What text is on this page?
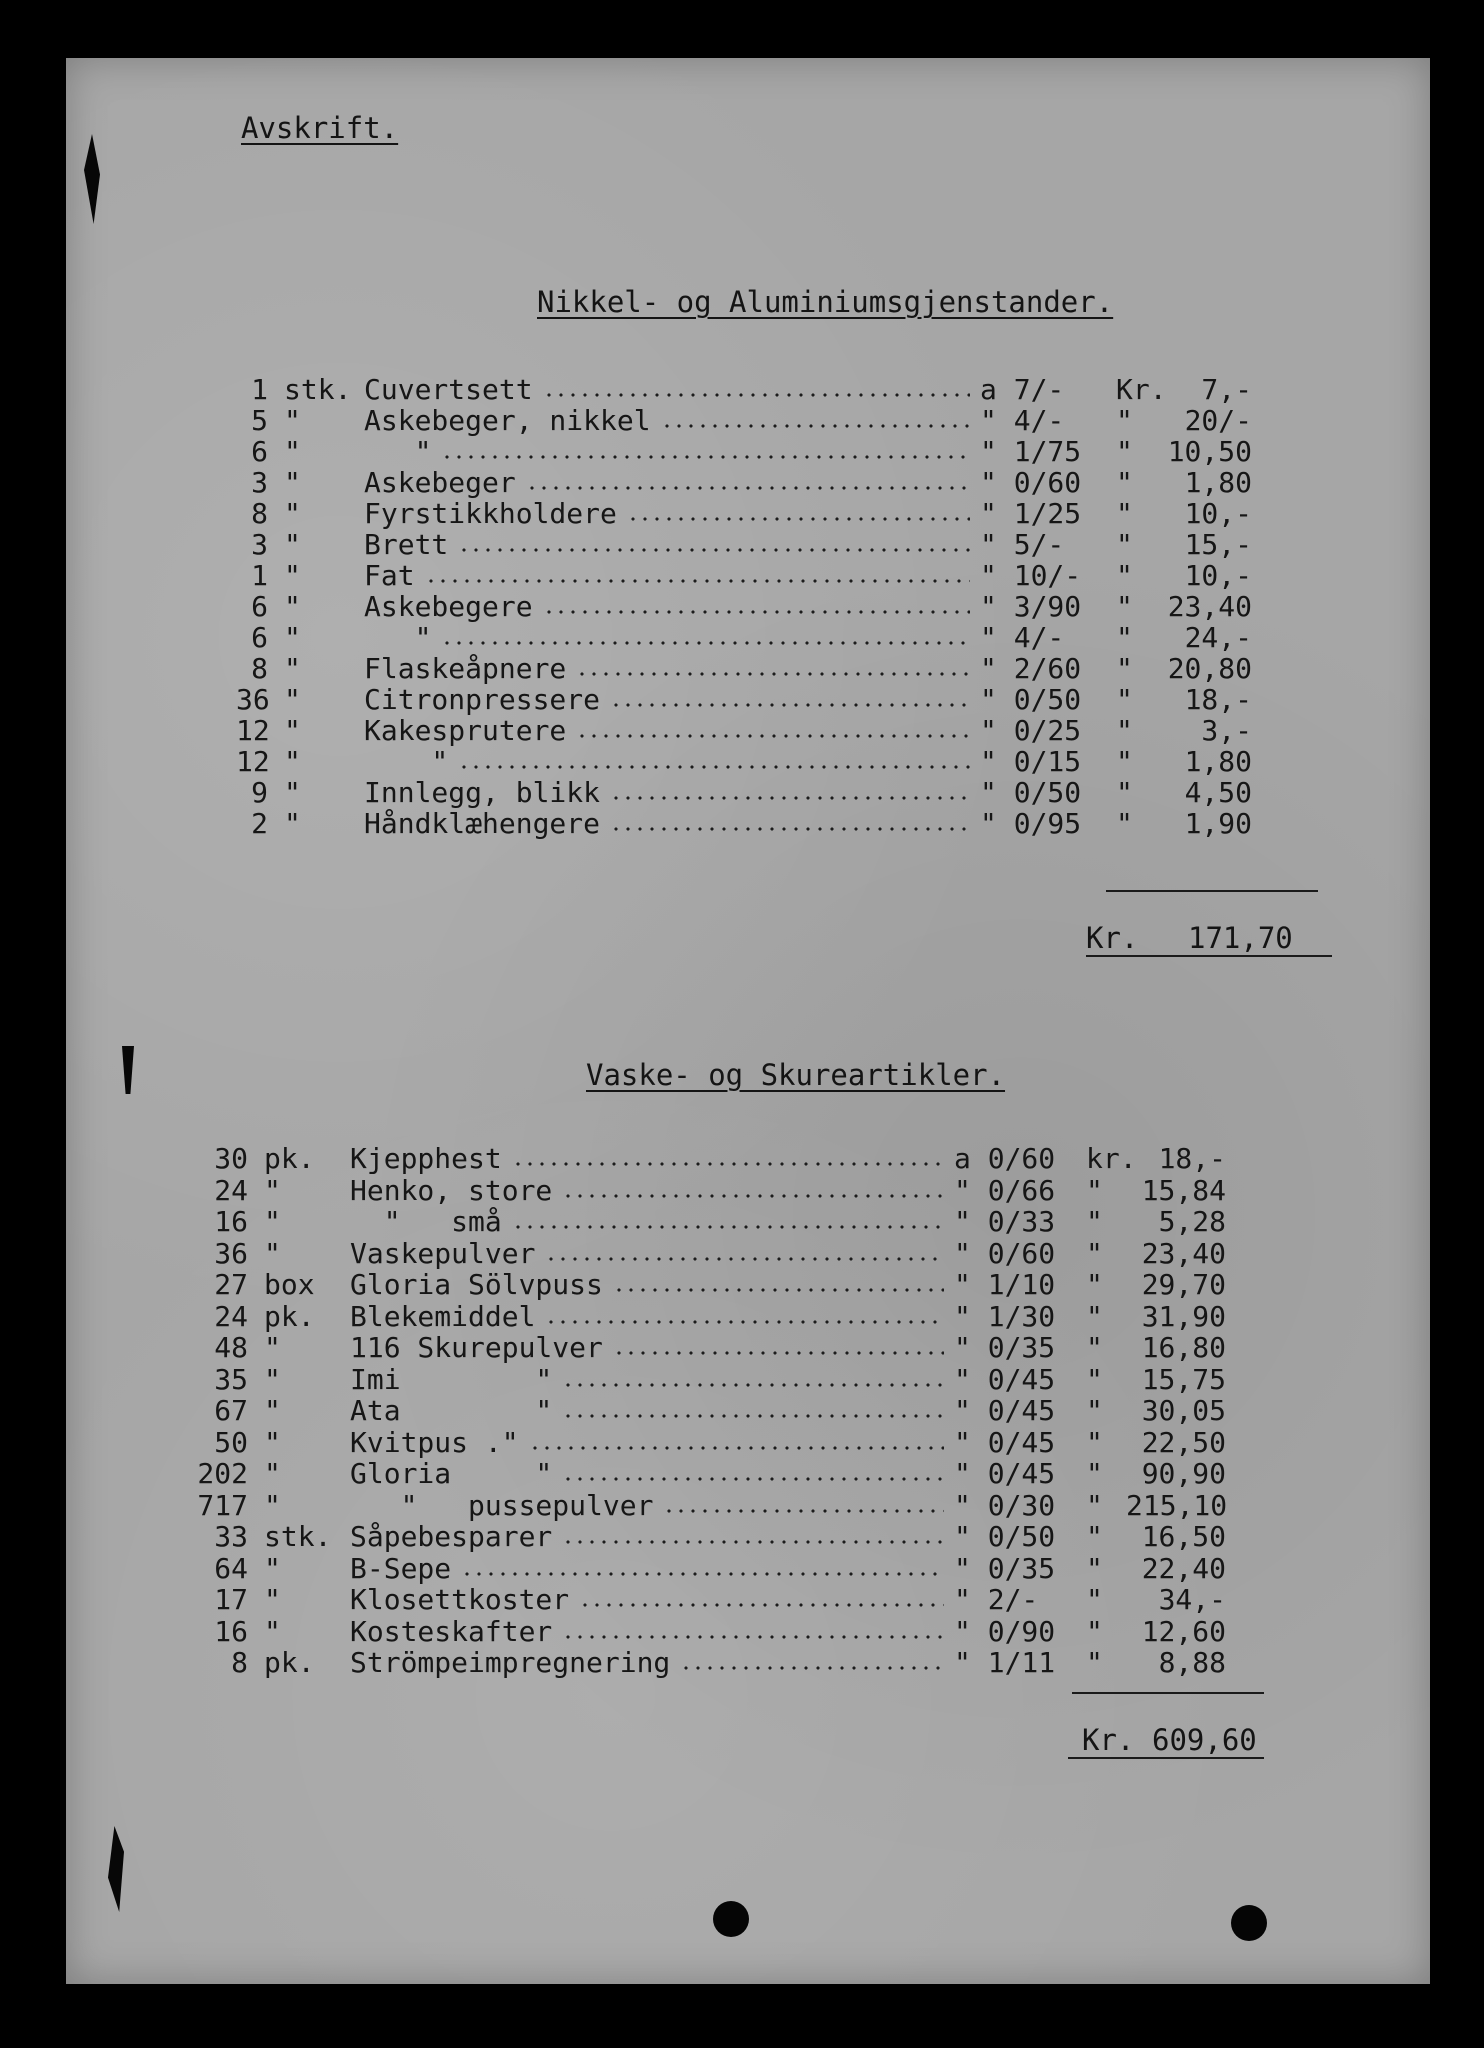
Avskrift.
Nikkel- og Aluminiumsgjenstander.
1 stk. Cuvertsett	a 7/- Kr.	7,-
5 " Askebeger, nikkel	" 4/- "	20/-
6 " "	" 1/75 "	10,50
3 " Askebeger	" 0/60 "	1,80
8 " Fyrstikkholdere	" 1/25 "	10,-
3 " Brett	" 5/- "	15,-
1 " Fat	" 10/- "	10,-
6 " Askebegere	" 3/90 "	23,40
6 " "	" 4/- "	24,-
8 " Flaskeåpnere	" 2/60 "	20,80
36 " Citronpressere	" 0/50 "	18,-
12 " Kakesprutere	" 0/25 "	3,-
12 " "	" 0/15 "	1,80
9 " Innlegg, blikk	" 0/50 "	4,50
2 " Håndklæhengere	" 0/95 "	1,90
Kr. 171,70
Vaske- og Skureartikler.
30 pk. Kjepphest	a 0/60 kr. 18,-
24 " Henko, store	" 0/66 "	15,84
16 " "   små	" 0/33 "	5,28
36 " Vaskepulver	" 0/60 "	23,40
27 box Gloria Sölvpuss	" 1/10 "	29,70
24 pk. Blekemiddel	" 1/30 "	31,90
48 " 116 Skurepulver	" 0/35 "	16,80
35 " Imi        "	" 0/45 "	15,75
67 " Ata        "	" 0/45 "	30,05
50 " Kvitpus ."	" 0/45 "	22,50
202 " Gloria     "	" 0/45 "	90,90
717 " "   pussepulver	" 0/30 " 215,10
33 stk. Såpebesparer	" 0/50 "	16,50
64 " B-Sepe	" 0/35 "	22,40
17 " Klosettkoster	" 2/- "	34,-
16 " Kosteskafter	" 0/90 "	12,60
8 pk. Strömpeimpregnering	" 1/11 "	8,88
Kr. 609,60
